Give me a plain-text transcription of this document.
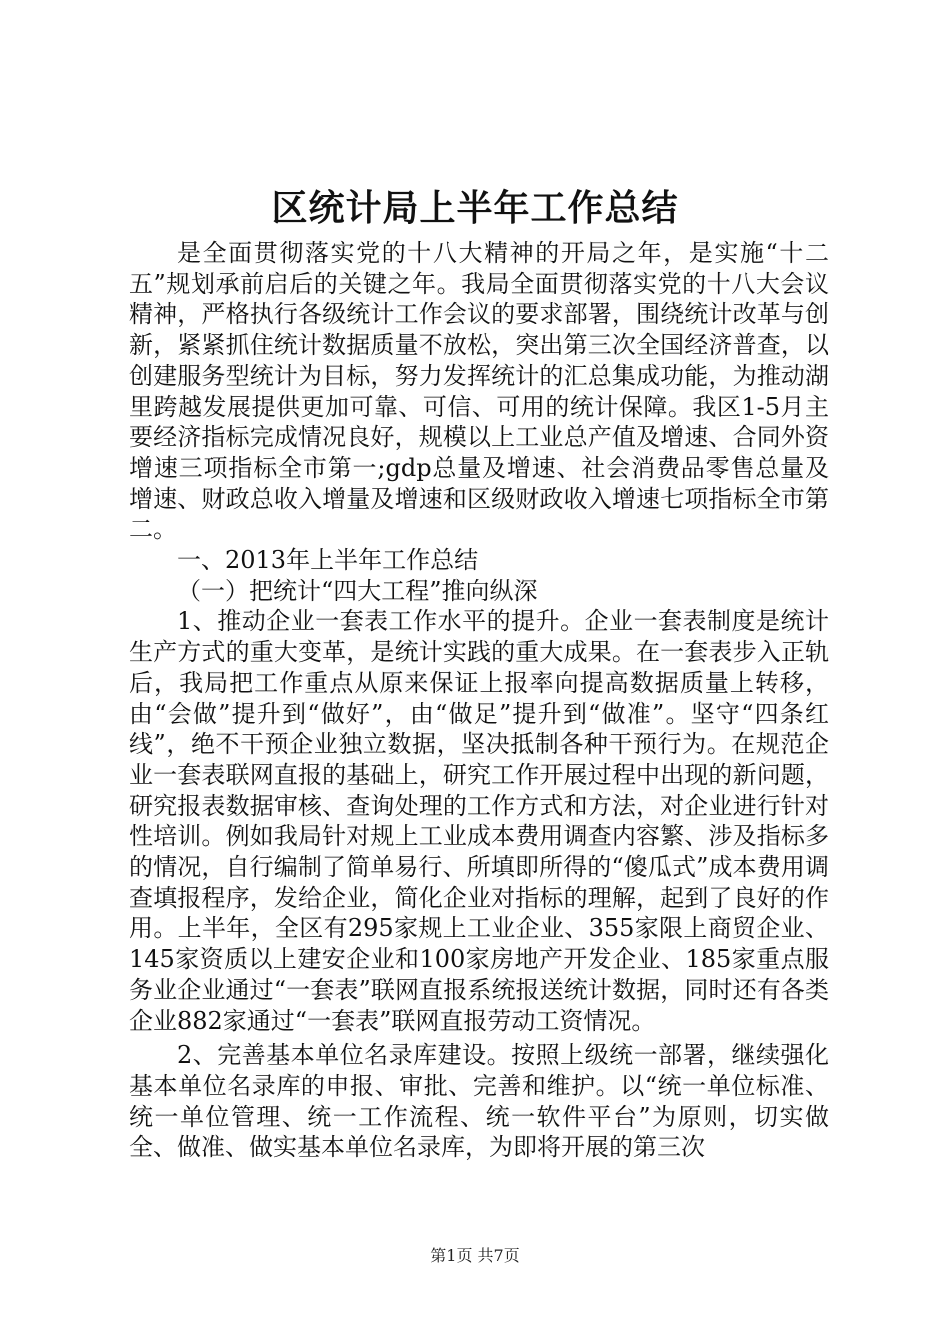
区统计局上半年工作总结

是全面贯彻落实党的十八大精神的开局之年，是实施“十二五”规划承前启后的关键之年。我局全面贯彻落实党的十八大会议精神，严格执行各级统计工作会议的要求部署，围绕统计改革与创新，紧紧抓住统计数据质量不放松，突出第三次全国经济普查，以创建服务型统计为目标，努力发挥统计的汇总集成功能，为推动湖里跨越发展提供更加可靠、可信、可用的统计保障。我区1-5月主要经济指标完成情况良好，规模以上工业总产值及增速、合同外资增速三项指标全市第一;gdp总量及增速、社会消费品零售总量及增速、财政总收入增量及增速和区级财政收入增速七项指标全市第二。

一、2013年上半年工作总结

（一）把统计“四大工程”推向纵深

1、推动企业一套表工作水平的提升。企业一套表制度是统计生产方式的重大变革，是统计实践的重大成果。在一套表步入正轨后，我局把工作重点从原来保证上报率向提高数据质量上转移，由“会做”提升到“做好”，由“做足”提升到“做准”。坚守“四条红线”，绝不干预企业独立数据，坚决抵制各种干预行为。在规范企业一套表联网直报的基础上，研究工作开展过程中出现的新问题，研究报表数据审核、查询处理的工作方式和方法，对企业进行针对性培训。例如我局针对规上工业成本费用调查内容繁、涉及指标多的情况，自行编制了简单易行、所填即所得的“傻瓜式”成本费用调查填报程序，发给企业，简化企业对指标的理解，起到了良好的作用。上半年，全区有295家规上工业企业、355家限上商贸企业、145家资质以上建安企业和100家房地产开发企业、185家重点服务业企业通过“一套表”联网直报系统报送统计数据，同时还有各类企业882家通过“一套表”联网直报劳动工资情况。

2、完善基本单位名录库建设。按照上级统一部署，继续强化基本单位名录库的申报、审批、完善和维护。以“统一单位标准、统一单位管理、统一工作流程、统一软件平台”为原则，切实做全、做准、做实基本单位名录库，为即将开展的第三次

第1页 共7页
